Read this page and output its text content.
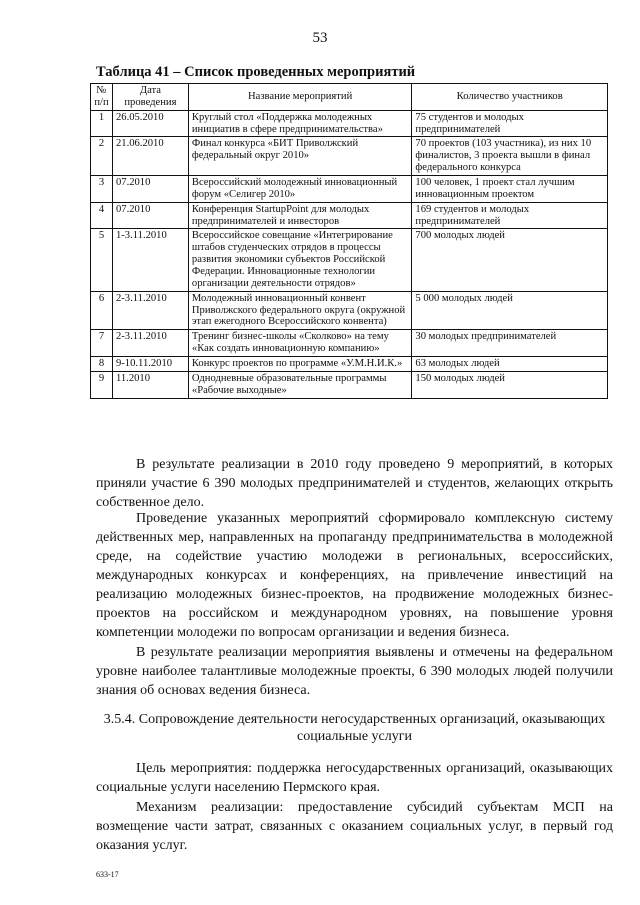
53
Таблица 41 – Список проведенных мероприятий
№ п/п	Дата проведения	Название мероприятий	Количество участников
1	26.05.2010	Круглый стол «Поддержка молодежных инициатив в сфере предпринимательства»	75 студентов и молодых предпринимателей
2	21.06.2010	Финал конкурса «БИТ Приволжский федеральный округ 2010»	70 проектов (103 участника), из них 10 финалистов, 3 проекта вышли в финал федерального конкурса
3	07.2010	Всероссийский молодежный инновационный форум «Селигер 2010»	100 человек, 1 проект стал лучшим инновационным проектом
4	07.2010	Конференция StartupPoint для молодых предпринимателей и инвесторов	169 студентов и молодых предпринимателей
5	1-3.11.2010	Всероссийское совещание «Интегрирование штабов студенческих отрядов в процессы развития экономики субъектов Российской Федерации. Инновационные технологии организации деятельности отрядов»	700 молодых людей
6	2-3.11.2010	Молодежный инновационный конвент Приволжского федерального округа (окружной этап ежегодного Всероссийского конвента)	5 000 молодых людей
7	2-3.11.2010	Тренинг бизнес-школы «Сколково» на тему «Как создать инновационную компанию»	30 молодых предпринимателей
8	9-10.11.2010	Конкурс проектов по программе «У.М.Н.И.К.»	63 молодых людей
9	11.2010	Однодневные образовательные программы «Рабочие выходные»	150 молодых людей

В результате реализации в 2010 году проведено 9 мероприятий, в которых приняли участие 6 390 молодых предпринимателей и студентов, желающих открыть собственное дело.

Проведение указанных мероприятий сформировало комплексную систему действенных мер, направленных на пропаганду предпринимательства в молодежной среде, на содействие участию молодежи в региональных, всероссийских, международных конкурсах и конференциях, на привлечение инвестиций на реализацию молодежных бизнес-проектов, на продвижение молодежных бизнес-проектов на российском и международном уровнях, на повышение уровня компетенции молодежи по вопросам организации и ведения бизнеса.

В результате реализации мероприятия выявлены и отмечены на федеральном уровне наиболее талантливые молодежные проекты, 6 390 молодых людей получили знания об основах ведения бизнеса.

3.5.4. Сопровождение деятельности негосударственных организаций, оказывающих социальные услуги

Цель мероприятия: поддержка негосударственных организаций, оказывающих социальные услуги населению Пермского края.

Механизм реализации: предоставление субсидий субъектам МСП на возмещение части затрат, связанных с оказанием социальных услуг, в первый год оказания услуг.

633-17
